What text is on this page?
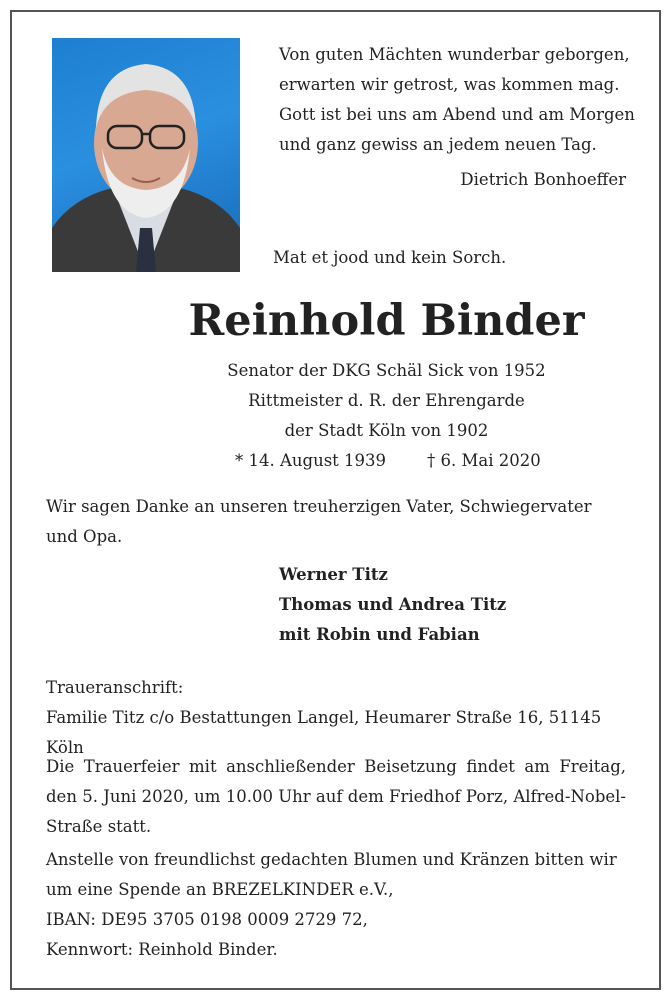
Von guten Mächten wunderbar geborgen,
erwarten wir getrost, was kommen mag.
Gott ist bei uns am Abend und am Morgen
und ganz gewiss an jedem neuen Tag.
Dietrich Bonhoeffer
Mat et jood und kein Sorch.
Reinhold Binder
Senator der DKG Schäl Sick von 1952
Rittmeister d. R. der Ehrengarde
der Stadt Köln von 1902
* 14. August 1939 † 6. Mai 2020
Wir sagen Danke an unseren treuherzigen Vater, Schwiegervater und Opa.
Werner Titz
Thomas und Andrea Titz
mit Robin und Fabian
Traueranschrift:
Familie Titz c/o Bestattungen Langel, Heumarer Straße 16, 51145 Köln
Die Trauerfeier mit anschließender Beisetzung findet am Freitag, den 5. Juni 2020, um 10.00 Uhr auf dem Friedhof Porz, Alfred-Nobel-Straße statt.
Anstelle von freundlichst gedachten Blumen und Kränzen bitten wir
um eine Spende an BREZELKINDER e.V.,
IBAN: DE95 3705 0198 0009 2729 72,
Kennwort: Reinhold Binder.
